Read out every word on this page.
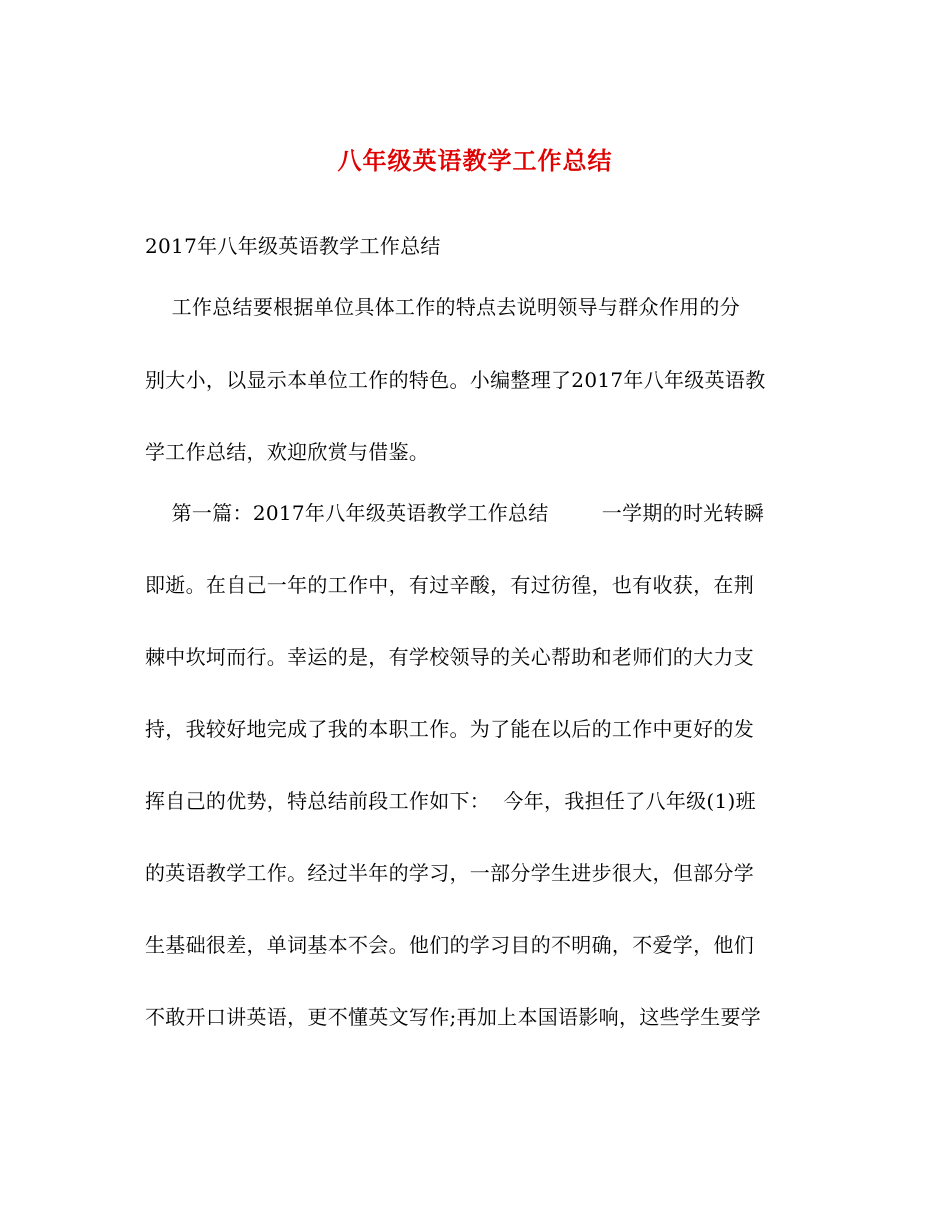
八年级英语教学工作总结
2017年八年级英语教学工作总结
工作总结要根据单位具体工作的特点去说明领导与群众作用的分
别大小，以显示本单位工作的特色。小编整理了2017年八年级英语教
学工作总结，欢迎欣赏与借鉴。
第一篇：2017年八年级英语教学工作总结        一学期的时光转瞬
即逝。在自己一年的工作中，有过辛酸，有过彷徨，也有收获，在荆
棘中坎坷而行。幸运的是，有学校领导的关心帮助和老师们的大力支
持，我较好地完成了我的本职工作。为了能在以后的工作中更好的发
挥自己的优势，特总结前段工作如下：  今年，我担任了八年级(1)班
的英语教学工作。经过半年的学习，一部分学生进步很大，但部分学
生基础很差，单词基本不会。他们的学习目的不明确，不爱学，他们
不敢开口讲英语，更不懂英文写作;再加上本国语影响，这些学生要学
